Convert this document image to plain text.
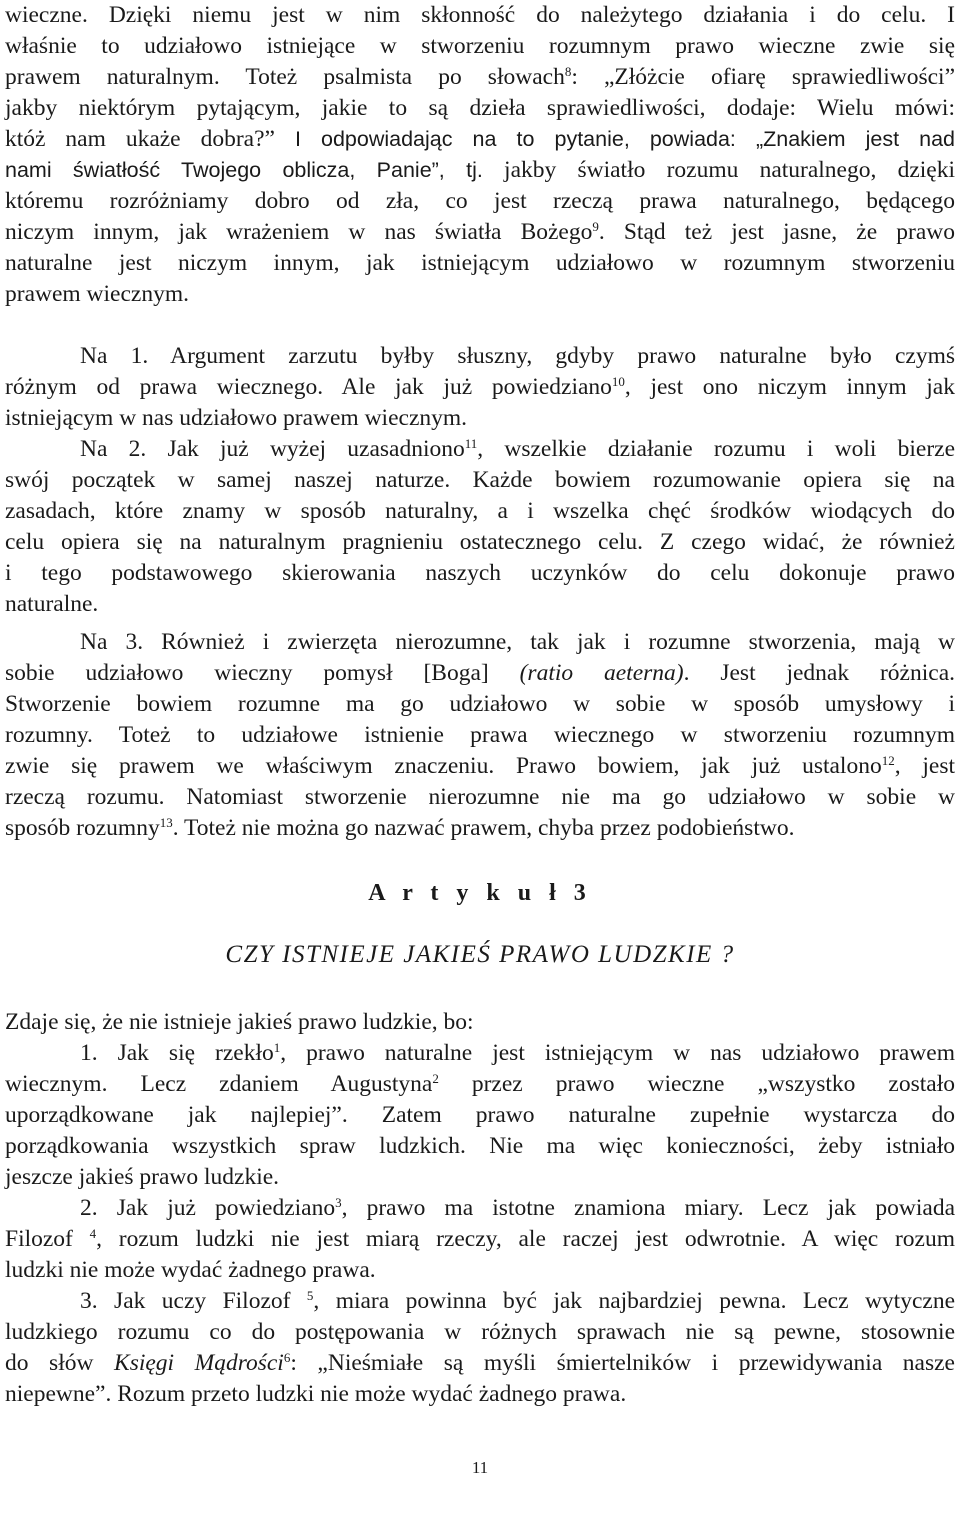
wieczne. Dzięki niemu jest w nim skłonność do należytego działania i do celu. I
właśnie to udziałowo istniejące w stworzeniu rozumnym prawo wieczne zwie się
prawem naturalnym. Toteż psalmista po słowach$^8$: „Złóżcie ofiarę sprawiedliwości”
jakby niektórym pytającym, jakie to są dzieła sprawiedliwości, dodaje: Wielu mówi:
któż nam ukaże dobra?” I odpowiadając na to pytanie, powiada: „Znakiem jest nad
nami światłość Twojego oblicza, Panie”, tj. jakby światło rozumu naturalnego, dzięki
któremu rozróżniamy dobro od zła, co jest rzeczą prawa naturalnego, będącego
niczym innym, jak wrażeniem w nas światła Bożego$^9$. Stąd też jest jasne, że prawo
naturalne jest niczym innym, jak istniejącym udziałowo w rozumnym stworzeniu
prawem wiecznym.
Na 1. Argument zarzutu byłby słuszny, gdyby prawo naturalne było czymś
różnym od prawa wiecznego. Ale jak już powiedziano$^{10}$, jest ono niczym innym jak
istniejącym w nas udziałowo prawem wiecznym.
Na 2. Jak już wyżej uzasadniono$^{11}$, wszelkie działanie rozumu i woli bierze
swój początek w samej naszej naturze. Każde bowiem rozumowanie opiera się na
zasadach, które znamy w sposób naturalny, a i wszelka chęć środków wiodących do
celu opiera się na naturalnym pragnieniu ostatecznego celu. Z czego widać, że również
i tego podstawowego skierowania naszych uczynków do celu dokonuje prawo
naturalne.
Na 3. Również i zwierzęta nierozumne, tak jak i rozumne stworzenia, mają w
sobie udziałowo wieczny pomysł [Boga] (ratio aeterna). Jest jednak różnica.
Stworzenie bowiem rozumne ma go udziałowo w sobie w sposób umysłowy i
rozumny. Toteż to udziałowe istnienie prawa wiecznego w stworzeniu rozumnym
zwie się prawem we właściwym znaczeniu. Prawo bowiem, jak już ustalono$^{12}$, jest
rzeczą rozumu. Natomiast stworzenie nierozumne nie ma go udziałowo w sobie w
sposób rozumny$^{13}$. Toteż nie można go nazwać prawem, chyba przez podobieństwo.
A r t y k u ł 3
CZY ISTNIEJE JAKIEŚ PRAWO LUDZKIE ?
Zdaje się, że nie istnieje jakieś prawo ludzkie, bo:
1. Jak się rzekło$^1$, prawo naturalne jest istniejącym w nas udziałowo prawem
wiecznym. Lecz zdaniem Augustyna$^2$ przez prawo wieczne „wszystko zostało
uporządkowane jak najlepiej”. Zatem prawo naturalne zupełnie wystarcza do
porządkowania wszystkich spraw ludzkich. Nie ma więc konieczności, żeby istniało
jeszcze jakieś prawo ludzkie.
2. Jak już powiedziano$^3$, prawo ma istotne znamiona miary. Lecz jak powiada
Filozof $^4$, rozum ludzki nie jest miarą rzeczy, ale raczej jest odwrotnie. A więc rozum
ludzki nie może wydać żadnego prawa.
3. Jak uczy Filozof $^5$, miara powinna być jak najbardziej pewna. Lecz wytyczne
ludzkiego rozumu co do postępowania w różnych sprawach nie są pewne, stosownie
do słów Księgi Mądrości$^6$: „Nieśmiałe są myśli śmiertelników i przewidywania nasze
niepewne”. Rozum przeto ludzki nie może wydać żadnego prawa.
11
